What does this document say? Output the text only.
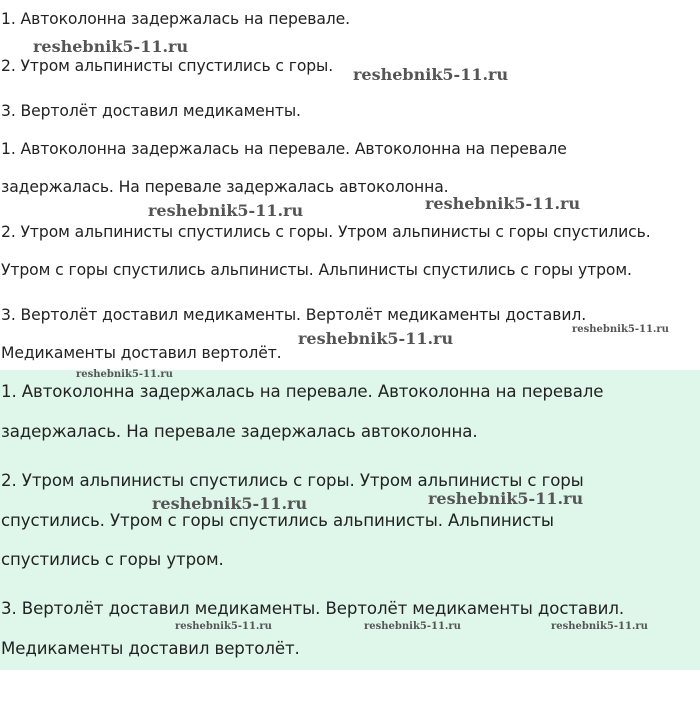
1. Автоколонна задержалась на перевале.
2. Утром альпинисты спустились с горы.
3. Вертолёт доставил медикаменты.
1. Автоколонна задержалась на перевале. Автоколонна на перевале
задержалась. На перевале задержалась автоколонна.
2. Утром альпинисты спустились с горы. Утром альпинисты с горы спустились.
Утром с горы спустились альпинисты. Альпинисты спустились с горы утром.
3. Вертолёт доставил медикаменты. Вертолёт медикаменты доставил.
Медикаменты доставил вертолёт.
1. Автоколонна задержалась на перевале. Автоколонна на перевале
задержалась. На перевале задержалась автоколонна.
2. Утром альпинисты спустились с горы. Утром альпинисты с горы
спустились. Утром с горы спустились альпинисты. Альпинисты
спустились с горы утром.
3. Вертолёт доставил медикаменты. Вертолёт медикаменты доставил.
Медикаменты доставил вертолёт.
reshebnik5-11.ru
reshebnik5-11.ru
reshebnik5-11.ru	reshebnik5-11.ru
reshebnik5-11.ru
reshebnik5-11.ru
reshebnik5-11.ru
reshebnik5-11.ru	reshebnik5-11.ru
reshebnik5-11.ru	reshebnik5-11.ru	reshebnik5-11.ru
